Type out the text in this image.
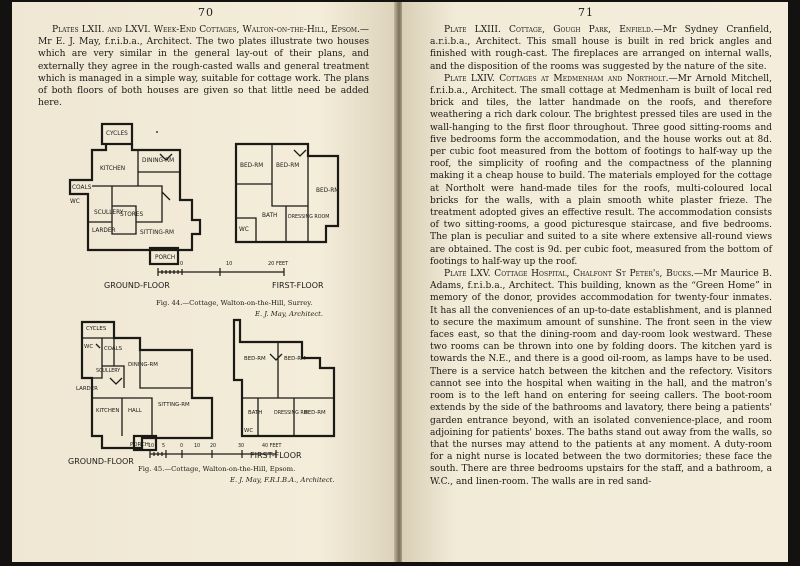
70

Plates LXII. and LXVI. Week-End Cottages, Walton-on-the-Hill, Epsom.—Mr E. J. May, f.r.i.b.a., Architect. The two plates illustrate two houses which are very similar in the general lay-out of their plans, and externally they agree in the rough-casted walls and general treatment which is managed in a simple way, suitable for cottage work. The plans of both floors of both houses are given so that little need be added here.

CYCLES
KITCHEN
DINING-RM
COALS
WC
SCULLERY
STORES
LARDER	SITTING-RM
PORCH
BED-RM BED-RM
BED-RM
BATH
WC
DRESSING ROOM
0	10	20 FEET
GROUND-FLOOR	FIRST-FLOOR
Fig. 44.—Cottage, Walton-on-the-Hill, Surrey.
E. J. May, Architect.
CYCLES
WC COALS
SCULLERY
DINING-RM
LARDER
KITCHEN HALL
SITTING-RM
PORCH
BED-RM	BED-RM
BATH DRESSING RM
BED-RM
WC
10 5	0 10 20	30	40 FEET
GROUND-FLOOR
FIRST-FLOOR
Fig. 45.—Cottage, Walton-on-the-Hill, Epsom.
E. J. May, F.R.I.B.A., Architect.
71

Plate LXIII. Cottage, Gough Park, Enfield.—Mr Sydney Cranfield, a.r.i.b.a., Architect. This small house is built in red brick angles and finished with rough-cast. The fireplaces are arranged on internal walls, and the disposition of the rooms was suggested by the nature of the site.

Plate LXIV. Cottages at Medmenham and Northolt.—Mr Arnold Mitchell, f.r.i.b.a., Architect. The small cottage at Medmenham is built of local red brick and tiles, the latter handmade on the roofs, and therefore weathering a rich dark colour. The brightest pressed tiles are used in the wall-hanging to the first floor throughout. Three good sitting-rooms and five bedrooms form the accommodation, and the house works out at 8d. per cubic foot measured from the bottom of footings to half-way up the roof, the simplicity of roofing and the compactness of the planning making it a cheap house to build. The materials employed for the cottage at Northolt were hand-made tiles for the roofs, multi-coloured local bricks for the walls, with a plain smooth white plaster frieze. The treatment adopted gives an effective result. The accommodation consists of two sitting-rooms, a good picturesque staircase, and five bedrooms. The plan is peculiar and suited to a site where extensive all-round views are obtained. The cost is 9d. per cubic foot, measured from the bottom of footings to half-way up the roof.

Plate LXV. Cottage Hospital, Chalfont St Peter's, Bucks.—Mr Maurice B. Adams, f.r.i.b.a., Architect. This building, known as the “Green Home” in memory of the donor, provides accommodation for twenty-four inmates. It has all the conveniences of an up-to-date establishment, and is planned to secure the maximum amount of sunshine. The front seen in the view faces east, so that the dining-room and day-room look westward. These two rooms can be thrown into one by folding doors. The kitchen yard is towards the N.E., and there is a good oil-room, as lamps have to be used. There is a service hatch between the kitchen and the refectory. Visitors cannot see into the hospital when waiting in the hall, and the matron's room is to the left hand on entering for seeing callers. The boot-room extends by the side of the bathrooms and lavatory, there being a patients' garden entrance beyond, with an isolated convenience-place, and room adjoining for patients' boxes. The baths stand out away from the walls, so that the nurses may attend to the patients at any moment. A duty-room for a night nurse is located between the two dormitories; these face the south. There are three bedrooms upstairs for the staff, and a bathroom, a W.C., and linen-room. The walls are in red sand-
